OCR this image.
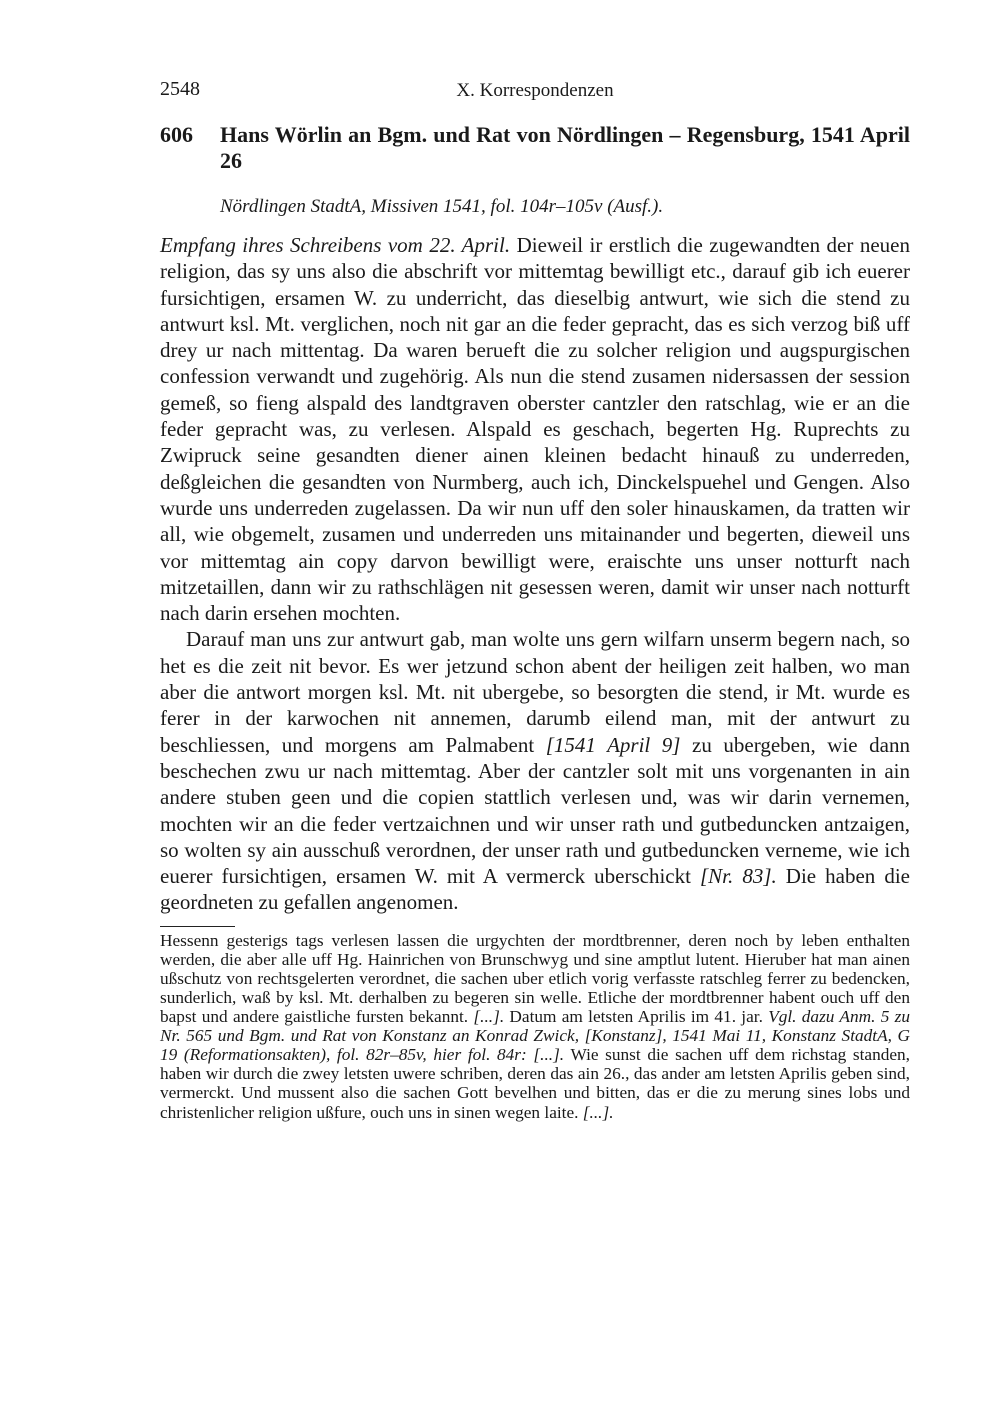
2548	X. Korrespondenzen
606	Hans Wörlin an Bgm. und Rat von Nördlingen – Regensburg, 1541 April 26
Nördlingen StadtA, Missiven 1541, fol. 104r–105v (Ausf.).

Empfang ihres Schreibens vom 22. April. Dieweil ir erstlich die zugewandten der neuen religion, das sy uns also die abschrift vor mittemtag bewilligt etc., darauf gib ich euerer fursichtigen, ersamen W. zu underricht, das dieselbig antwurt, wie sich die stend zu antwurt ksl. Mt. verglichen, noch nit gar an die feder gepracht, das es sich verzog biß uff drey ur nach mittentag. Da waren berueft die zu solcher religion und augspurgischen confession verwandt und zugehörig. Als nun die stend zusamen nidersassen der session gemeß, so fieng alspald des landtgraven oberster cantzler den ratschlag, wie er an die feder gepracht was, zu verlesen. Alspald es geschach, begerten Hg. Ruprechts zu Zwipruck seine gesandten diener ainen kleinen bedacht hinauß zu underreden, deßgleichen die gesandten von Nurmberg, auch ich, Dinckelspuehel und Gengen. Also wurde uns underreden zugelassen. Da wir nun uff den soler hinauskamen, da tratten wir all, wie obgemelt, zusamen und underreden uns mitainander und begerten, dieweil uns vor mittemtag ain copy darvon bewilligt were, eraischte uns unser notturft nach mitzetaillen, dann wir zu rathschlägen nit gesessen weren, damit wir unser nach notturft nach darin ersehen mochten.

Darauf man uns zur antwurt gab, man wolte uns gern wilfarn unserm begern nach, so het es die zeit nit bevor. Es wer jetzund schon abent der heiligen zeit halben, wo man aber die antwort morgen ksl. Mt. nit ubergebe, so besorgten die stend, ir Mt. wurde es ferer in der karwochen nit annemen, darumb eilend man, mit der antwurt zu beschliessen, und morgens am Palmabent [1541 April 9] zu ubergeben, wie dann beschechen zwu ur nach mittemtag. Aber der cantzler solt mit uns vorgenanten in ain andere stuben geen und die copien stattlich verlesen und, was wir darin vernemen, mochten wir an die feder vertzaichnen und wir unser rath und gutbeduncken antzaigen, so wolten sy ain ausschuß verordnen, der unser rath und gutbeduncken verneme, wie ich euerer fursichtigen, ersamen W. mit A vermerck uberschickt [Nr. 83]. Die haben die geordneten zu gefallen angenomen.

Hessenn gesterigs tags verlesen lassen die urgychten der mordtbrenner, deren noch by leben enthalten werden, die aber alle uff Hg. Hainrichen von Brunschwyg und sine amptlut lutent. Hieruber hat man ainen ußschutz von rechtsgelerten verordnet, die sachen uber etlich vorig verfasste ratschleg ferrer zu bedencken, sunderlich, waß by ksl. Mt. derhalben zu begeren sin welle. Etliche der mordtbrenner habent ouch uff den bapst und andere gaistliche fursten bekannt. [...]. Datum am letsten Aprilis im 41. jar. Vgl. dazu Anm. 5 zu Nr. 565 und Bgm. und Rat von Konstanz an Konrad Zwick, [Konstanz], 1541 Mai 11, Konstanz StadtA, G 19 (Reformationsakten), fol. 82r–85v, hier fol. 84r: [...]. Wie sunst die sachen uff dem richstag standen, haben wir durch die zwey letsten uwere schriben, deren das ain 26., das ander am letsten Aprilis geben sind, vermerckt. Und mussent also die sachen Gott bevelhen und bitten, das er die zu merung sines lobs und christenlicher religion ußfure, ouch uns in sinen wegen laite. [...].
